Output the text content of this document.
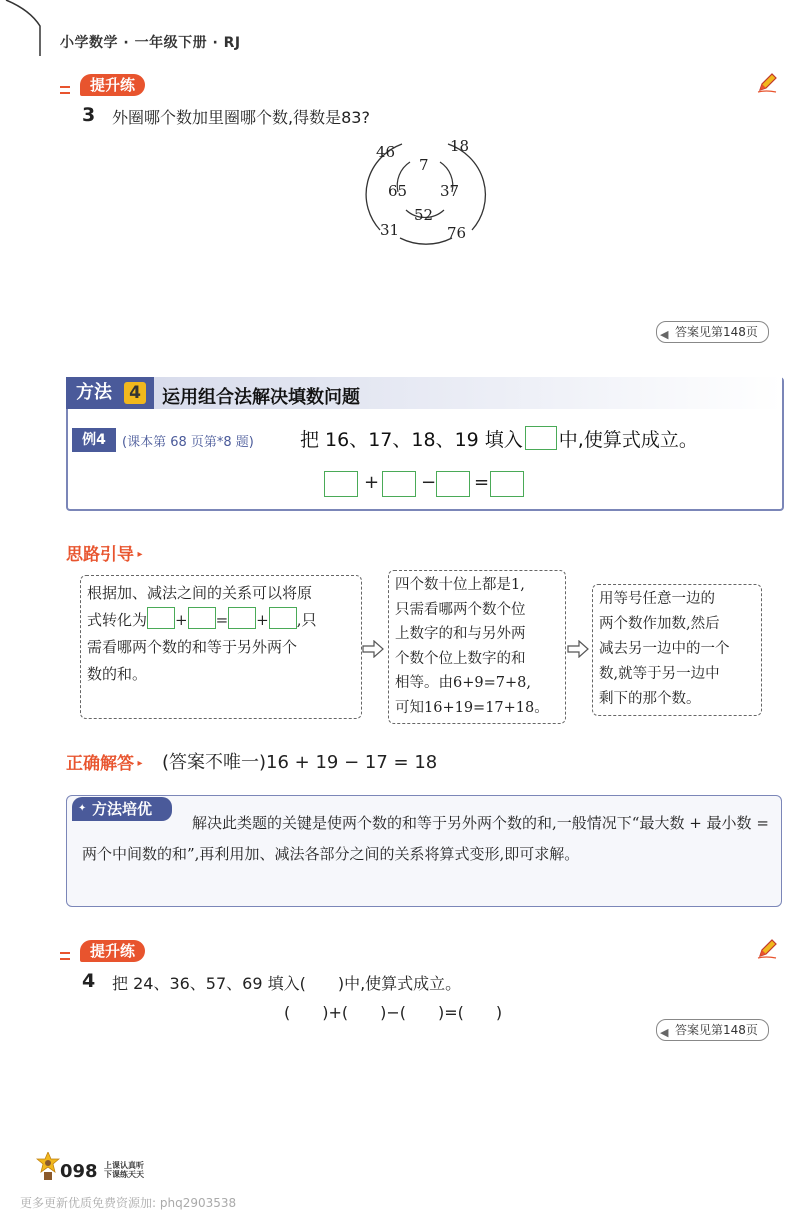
小学数学 · 一年级下册 · RJ
提升练
3 外圈哪个数加里圈哪个数,得数是83?
46	18
31	76
7
65 37
52
◀ 答案见第148页
方法 4 运用组合法解决填数问题
例4	(课本第 68 页第*8 题) 把 16、17、18、19 填入 中,使算式成立。
+ − =
思路引导 ▸
根据加、减法之间的关系可以将原
式转化为 + = + ,只
需看哪两个数的和等于另外两个
数的和。
四个数十位上都是1,
只需看哪两个数个位
上数字的和与另外两
个数个位上数字的和
相等。由6+9=7+8,
可知16+19=17+18。
用等号任意一边的
两个数作加数,然后
减去另一边中的一个
数,就等于另一边中
剩下的那个数。
正确解答 ▸ (答案不唯一)16 + 19 − 17 = 18
✦ 方法培优
解决此类题的关键是使两个数的和等于另外两个数的和,一般情况下“最大数 + 最小数 = 两个中间数的和”,再利用加、减法各部分之间的关系将算式变形,即可求解。
提升练
4 把 24、36、57、69 填入(　　)中,使算式成立。
(　　)+(　　)−(　　)=(　　)
◀ 答案见第148页
098 上课认真听
下课练天天
更多更新优质免费资源加: phq2903538
